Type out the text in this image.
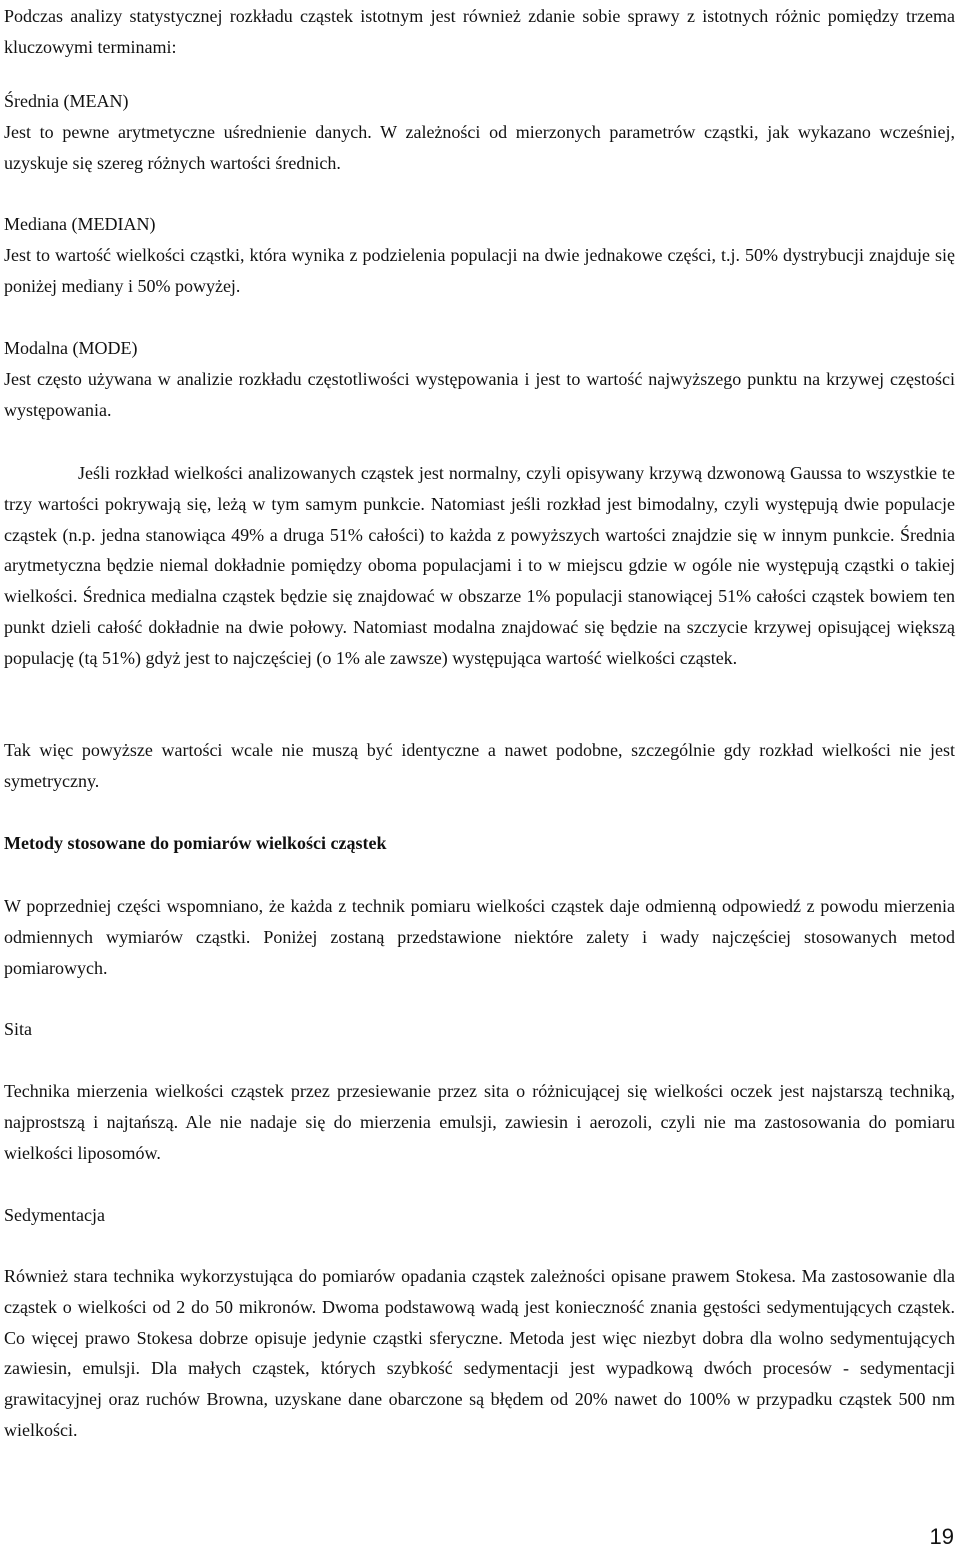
Podczas analizy statystycznej rozkładu cząstek istotnym jest również zdanie sobie sprawy z istotnych różnic pomiędzy trzema kluczowymi terminami:

Średnia (MEAN)

Jest to pewne arytmetyczne uśrednienie danych. W zależności od mierzonych parametrów cząstki, jak wykazano wcześniej, uzyskuje się szereg różnych wartości średnich.

Mediana (MEDIAN)

Jest to wartość wielkości cząstki, która wynika z podzielenia populacji na dwie jednakowe części, t.j. 50% dystrybucji znajduje się poniżej mediany i 50% powyżej.

Modalna (MODE)

Jest często używana w analizie rozkładu częstotliwości występowania i jest to wartość najwyższego punktu na krzywej częstości występowania.

Jeśli rozkład wielkości analizowanych cząstek jest normalny, czyli opisywany krzywą dzwonową Gaussa to wszystkie te trzy wartości pokrywają się, leżą w tym samym punkcie. Natomiast jeśli rozkład jest bimodalny, czyli występują dwie populacje cząstek (n.p. jedna stanowiąca 49% a druga 51% całości) to każda z powyższych wartości znajdzie się w innym punkcie. Średnia arytmetyczna będzie niemal dokładnie pomiędzy oboma populacjami i to w miejscu gdzie w ogóle nie występują cząstki o takiej wielkości. Średnica medialna cząstek będzie się znajdować w obszarze 1% populacji stanowiącej 51% całości cząstek bowiem ten punkt dzieli całość dokładnie na dwie połowy. Natomiast modalna znajdować się będzie na szczycie krzywej opisującej większą populację (tą 51%) gdyż jest to najczęściej (o 1% ale zawsze) występująca wartość wielkości cząstek.

Tak więc powyższe wartości wcale nie muszą być identyczne a nawet podobne, szczególnie gdy rozkład wielkości nie jest symetryczny.

Metody stosowane do pomiarów wielkości cząstek

W poprzedniej części wspomniano, że każda z technik pomiaru wielkości cząstek daje odmienną odpowiedź z powodu mierzenia odmiennych wymiarów cząstki. Poniżej zostaną przedstawione niektóre zalety i wady najczęściej stosowanych metod pomiarowych.

Sita

Technika mierzenia wielkości cząstek przez przesiewanie przez sita o różnicującej się wielkości oczek jest najstarszą techniką, najprostszą i najtańszą. Ale nie nadaje się do mierzenia emulsji, zawiesin i aerozoli, czyli nie ma zastosowania do pomiaru wielkości liposomów.

Sedymentacja

Również stara technika wykorzystująca do pomiarów opadania cząstek zależności opisane prawem Stokesa. Ma zastosowanie dla cząstek o wielkości od 2 do 50 mikronów. Dwoma podstawową wadą jest konieczność znania gęstości sedymentujących cząstek. Co więcej prawo Stokesa dobrze opisuje jedynie cząstki sferyczne. Metoda jest więc niezbyt dobra dla wolno sedymentujących zawiesin, emulsji. Dla małych cząstek, których szybkość sedymentacji jest wypadkową dwóch procesów - sedymentacji grawitacyjnej oraz ruchów Browna, uzyskane dane obarczone są błędem od 20% nawet do 100% w przypadku cząstek 500 nm wielkości.

19
